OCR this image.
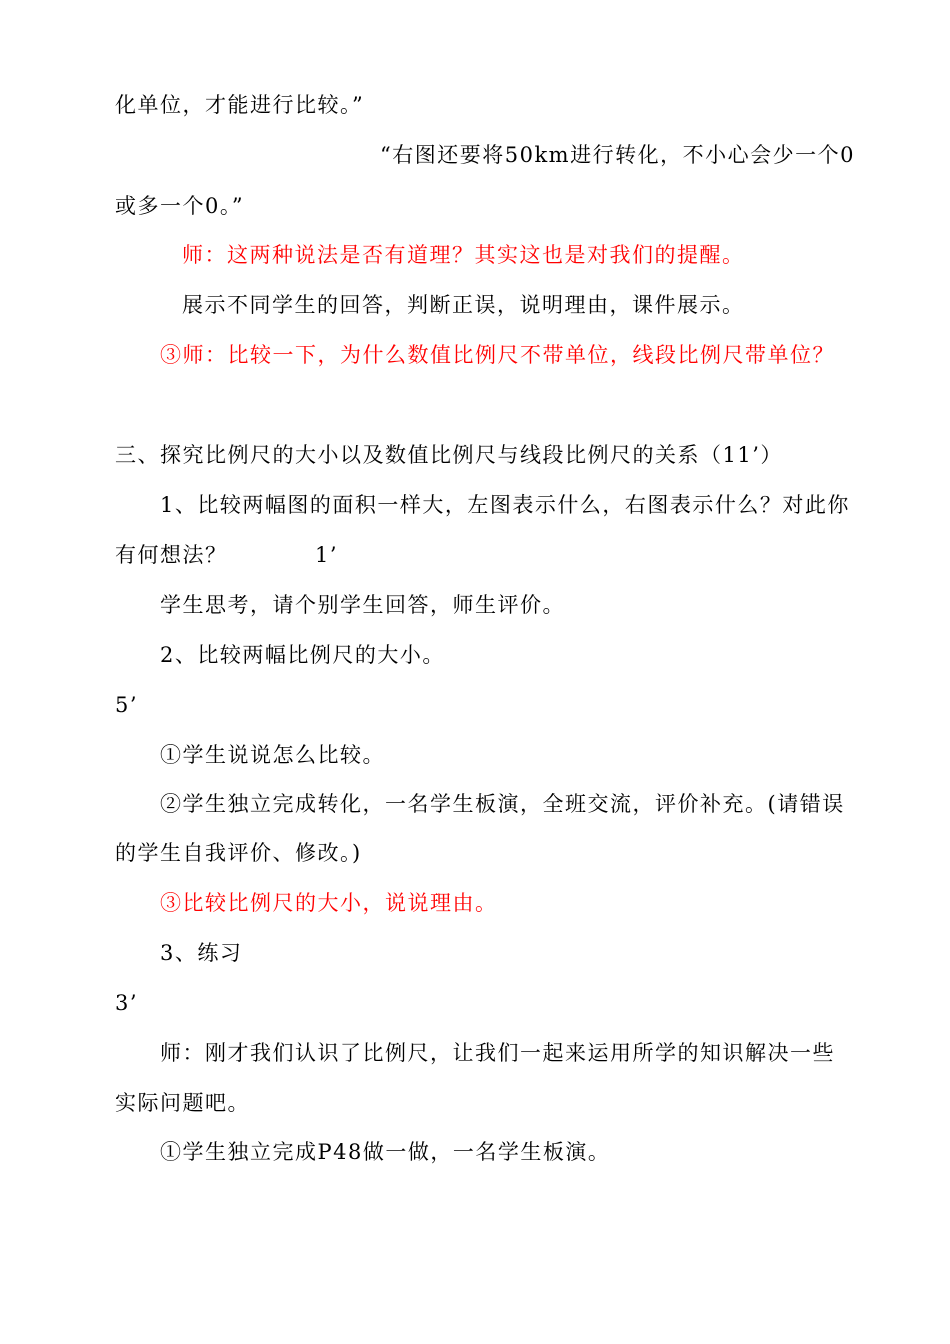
化单位，才能进行比较。”
“右图还要将50km进行转化，不小心会少一个0
或多一个0。”
师：这两种说法是否有道理？其实这也是对我们的提醒。
展示不同学生的回答，判断正误，说明理由，课件展示。
③师：比较一下，为什么数值比例尺不带单位，线段比例尺带单位？
三、探究比例尺的大小以及数值比例尺与线段比例尺的关系（11’）
1、比较两幅图的面积一样大，左图表示什么，右图表示什么？对此你
有何想法？	1’
学生思考，请个别学生回答，师生评价。
2、比较两幅比例尺的大小。
5’
①学生说说怎么比较。
②学生独立完成转化，一名学生板演，全班交流，评价补充。(请错误
的学生自我评价、修改。)
③比较比例尺的大小，说说理由。
3、练习
3’
师：刚才我们认识了比例尺，让我们一起来运用所学的知识解决一些
实际问题吧。
①学生独立完成P48做一做，一名学生板演。
